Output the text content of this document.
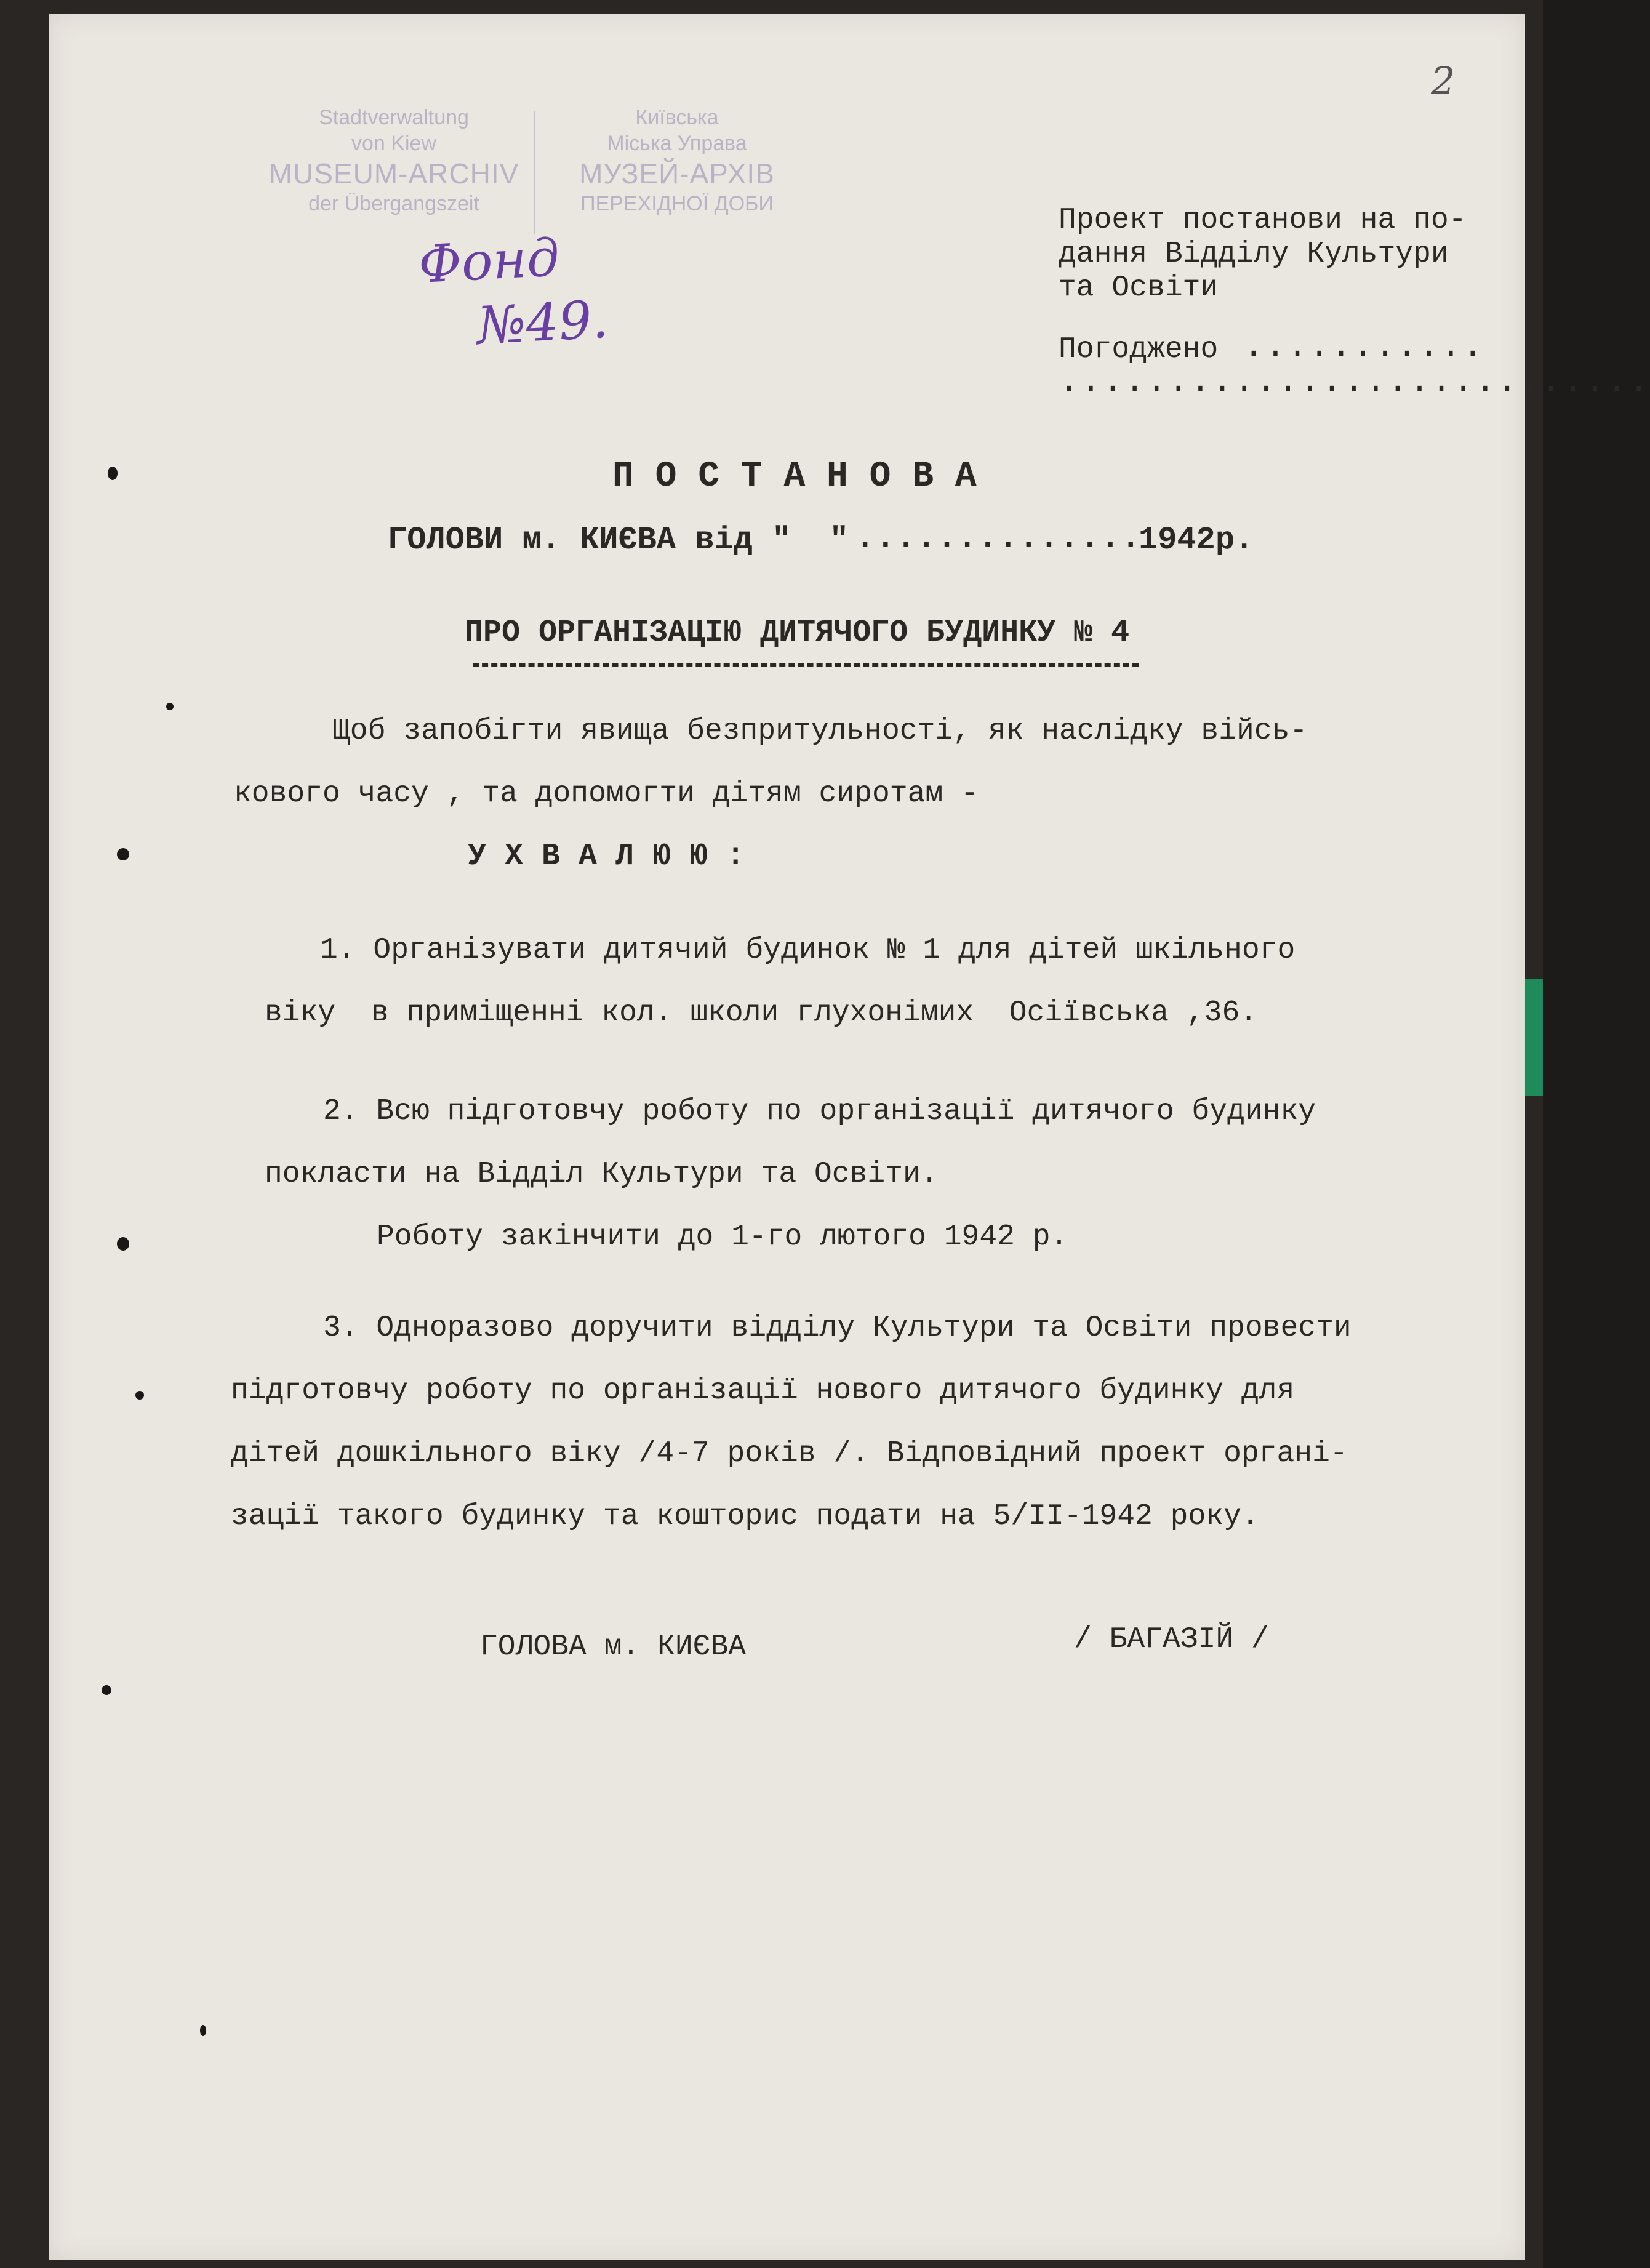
2
Stadtverwaltung
von Kiew
MUSEUM-ARCHIV
der Übergangszeit
Київська
Міська Управа
МУЗЕЙ-АРХІВ
ПЕРЕХІДНОЇ ДОБИ
Фонд
№49.
Проект постанови на по-
дання Відділу Культури
та Освіти
Погоджено ...........
...........................
П О С Т А Н О В А
ГОЛОВИ м. КИЄВА від "  " ..............
1942р.
ПРО ОРГАНІЗАЦІЮ ДИТЯЧОГО БУДИНКУ № 4
Щоб запобігти явища безпритульності, як наслідку війсь-
кового часу , та допомогти дітям сиротам -
У Х В А Л Ю Ю :
1. Організувати дитячий будинок № 1 для дітей шкільного
віку  в приміщенні кол. школи глухонімих  Осіївська ,36.
2. Всю підготовчу роботу по організації дитячого будинку
покласти на Відділ Культури та Освіти.
Роботу закінчити до 1-го лютого 1942 р.
3. Одноразово доручити відділу Культури та Освіти провести
підготовчу роботу по організації нового дитячого будинку для
дітей дошкільного віку /4-7 років /. Відповідний проект органі-
зації такого будинку та кошторис подати на 5/ІІ-1942 року.
ГОЛОВА м. КИЄВА	/ БАГАЗІЙ /
